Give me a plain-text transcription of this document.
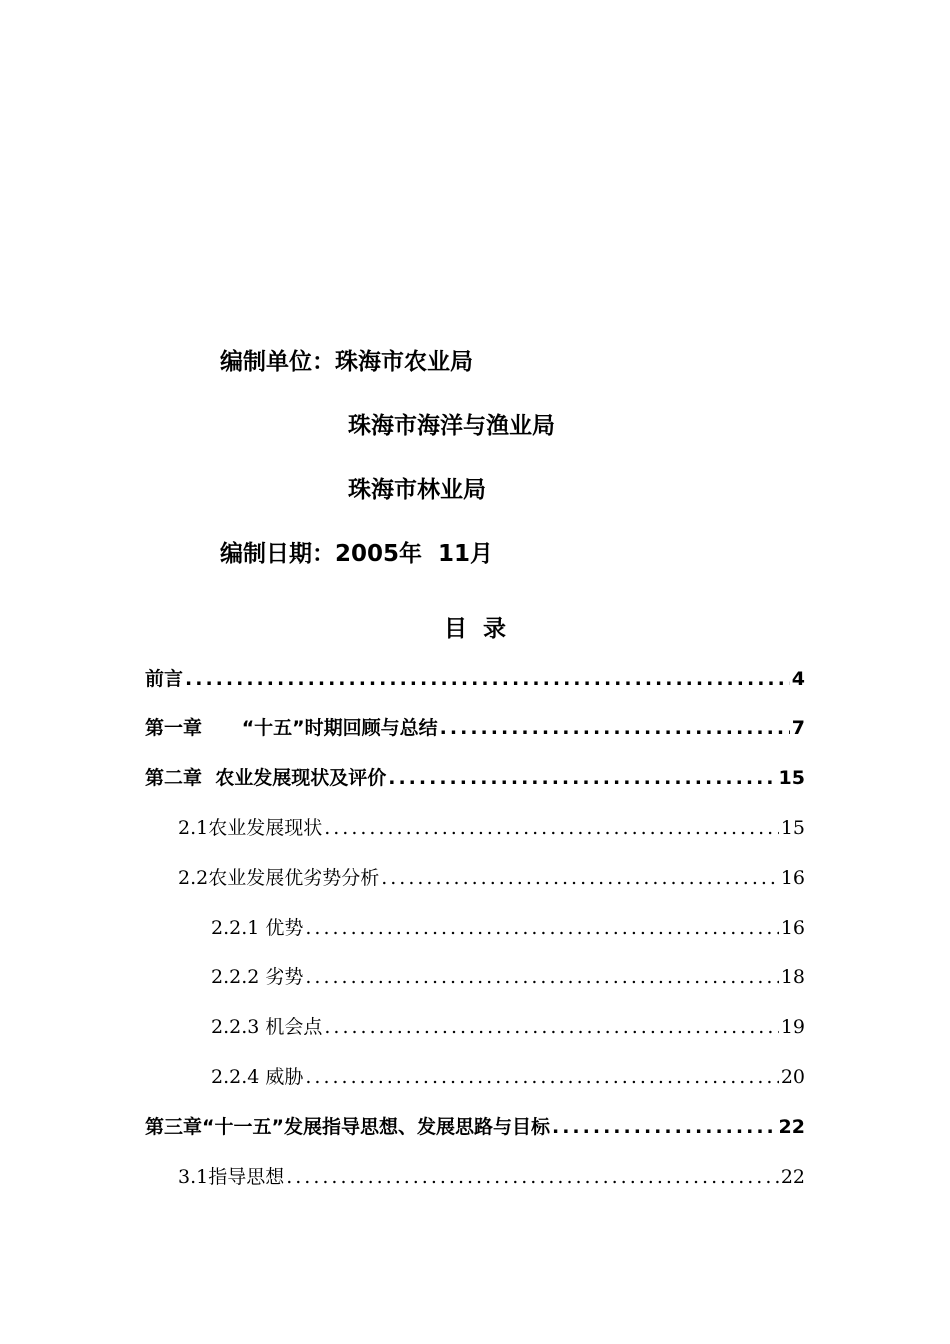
编制单位：珠海市农业局
珠海市海洋与渔业局
珠海市林业局
编制日期：2005年  11月
目  录
前言 .....	4
第一章      “十五”时期回顾与总结 .....	7
第二章  农业发展现状及评价 .....	15
2.1农业发展现状 .....	15
2.2农业发展优劣势分析 .....	16
2.2.1 优势 .....	16
2.2.2 劣势 .....	18
2.2.3 机会点 .....	19
2.2.4 威胁 .....	20
第三章“十一五”发展指导思想、发展思路与目标 .....	22
3.1指导思想 .....	22
